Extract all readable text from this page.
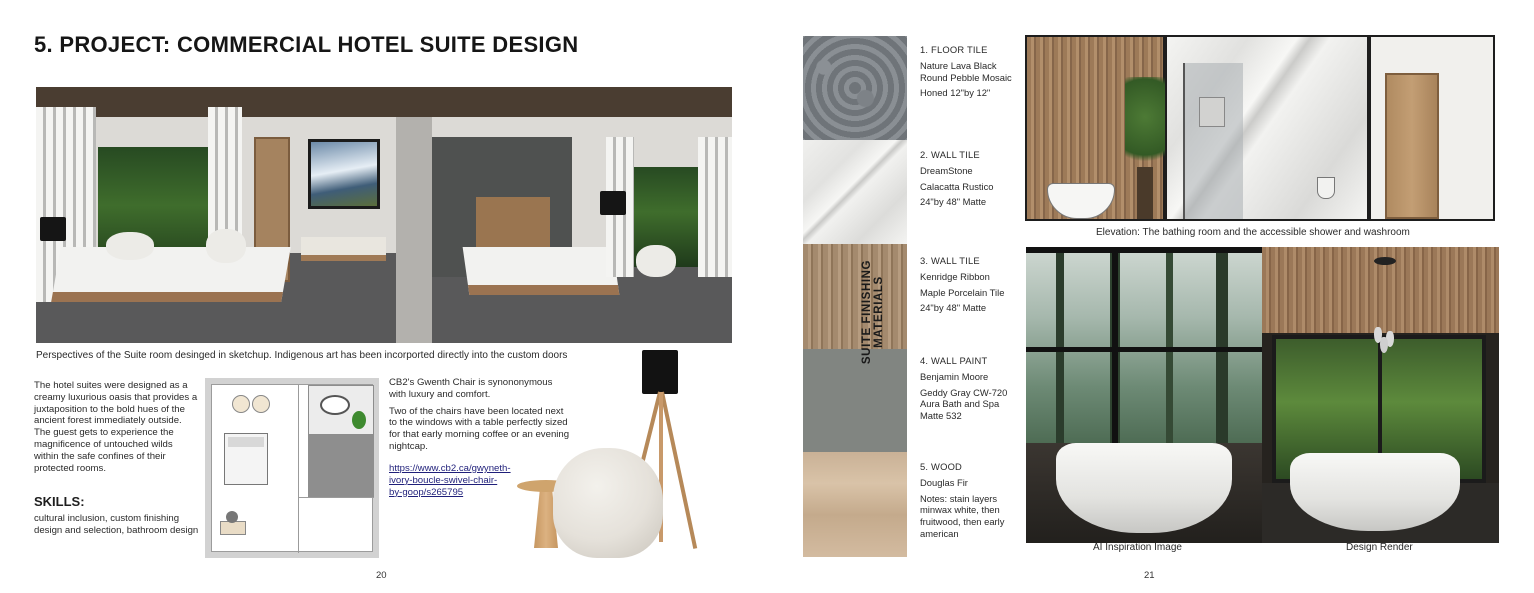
5. PROJECT: COMMERCIAL HOTEL SUITE DESIGN
Perspectives of the Suite room desinged in sketchup. Indigenous art has been incorported directly into the custom doors
The hotel suites were designed as a creamy luxurious oasis that provides a juxtaposition to the bold hues of the ancient forest immediately outside. The guest gets to experience the magnificence of untouched wilds within the safe confines of their protected rooms.
SKILLS:
cultural inclusion, custom finishing design and selection, bathroom design

CB2's Gwenth Chair is synononymous with luxury and comfort.

Two of the chairs have been located next to the windows with a table perfectly sized for that early morning coffee or an evening nightcap.

https://www.cb2.ca/gwyneth-ivory-boucle-swivel-chair-by-goop/s265795
20
SUITE FINISHING MATERIALS
1. FLOOR TILE
Nature Lava Black Round Pebble Mosaic
Honed 12"by 12"
2. WALL TILE
DreamStone
Calacatta Rustico
24"by 48" Matte
3. WALL TILE
Kenridge Ribbon
Maple Porcelain Tile
24"by 48" Matte
4. WALL PAINT
Benjamin Moore
Geddy Gray CW-720 Aura Bath and Spa Matte 532
5. WOOD
Douglas Fir
Notes: stain layers minwax white, then fruitwood, then early american
Elevation: The bathing room and the accessible shower and washroom
AI Inspiration Image	Design Render
21
